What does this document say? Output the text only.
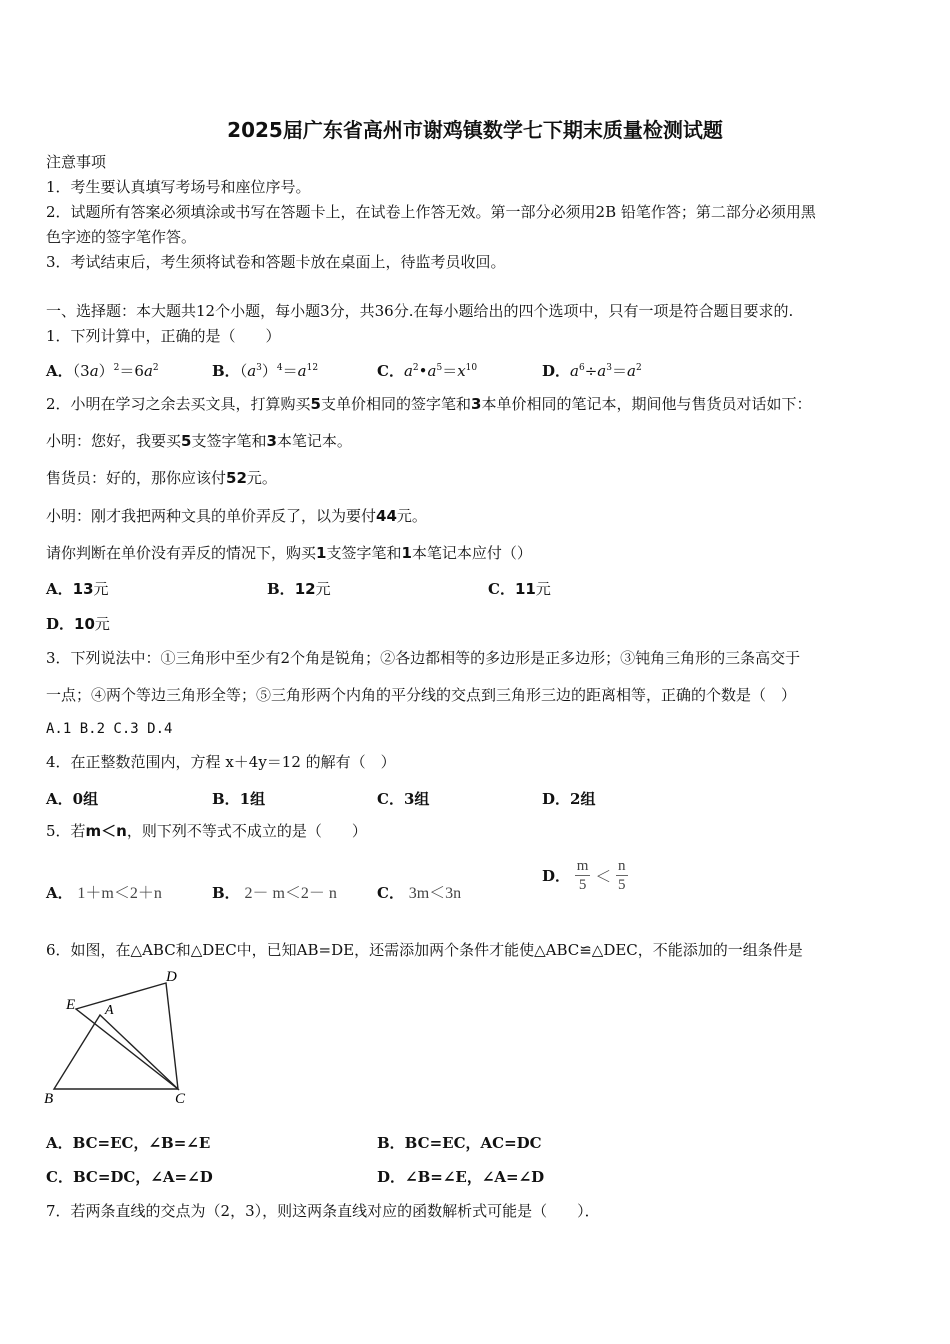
2025届广东省高州市谢鸡镇数学七下期末质量检测试题
注意事项
1．考生要认真填写考场号和座位序号。
2．试题所有答案必须填涂或书写在答题卡上，在试卷上作答无效。第一部分必须用2B 铅笔作答；第二部分必须用黑
色字迹的签字笔作答。
3．考试结束后，考生须将试卷和答题卡放在桌面上，待监考员收回。
一、选择题：本大题共12个小题，每小题3分，共36分.在每小题给出的四个选项中，只有一项是符合题目要求的.
1．下列计算中，正确的是（　　）
A．$(3a)^2=6a^2$	B．$(a^3)^4=a^{12}$	C．$a^2•a^5=x^{10}$	D．$a^6\div a^3=a^2$
2．小明在学习之余去买文具，打算购买5支单价相同的签字笔和3本单价相同的笔记本，期间他与售货员对话如下：
小明：您好，我要买5支签字笔和3本笔记本。
售货员：好的，那你应该付52元。
小明：刚才我把两种文具的单价弄反了，以为要付44元。
请你判断在单价没有弄反的情况下，购买1支签字笔和1本笔记本应付（）
A．13元	B．12元	C．11元
D．10元
3．下列说法中：①三角形中至少有2个角是锐角；②各边都相等的多边形是正多边形；③钝角三角形的三条高交于
一点；④两个等边三角形全等；⑤三角形两个内角的平分线的交点到三角形三边的距离相等，正确的个数是（　）
A.1 B.2 C.3 D.4
4．在正整数范围内，方程 x＋4y＝12 的解有（　）
A．0组	B．1组	C．3组	D．2组
5．若m＜n，则下列不等式不成立的是（　　）
A． 1＋m＜2＋n	B． 2－ m＜2－ n	C． 3m＜3n
D． $\frac{m}{5} < \frac{n}{5}$
6．如图，在△ABC和△DEC中，已知AB=DE，还需添加两个条件才能使△ABC≌△DEC，不能添加的一组条件是
D
E A
B	C
A．BC=EC，∠B=∠E	B．BC=EC，AC=DC
C．BC=DC，∠A=∠D	D．∠B=∠E，∠A=∠D
7．若两条直线的交点为（2，3），则这两条直线对应的函数解析式可能是（　　）．
